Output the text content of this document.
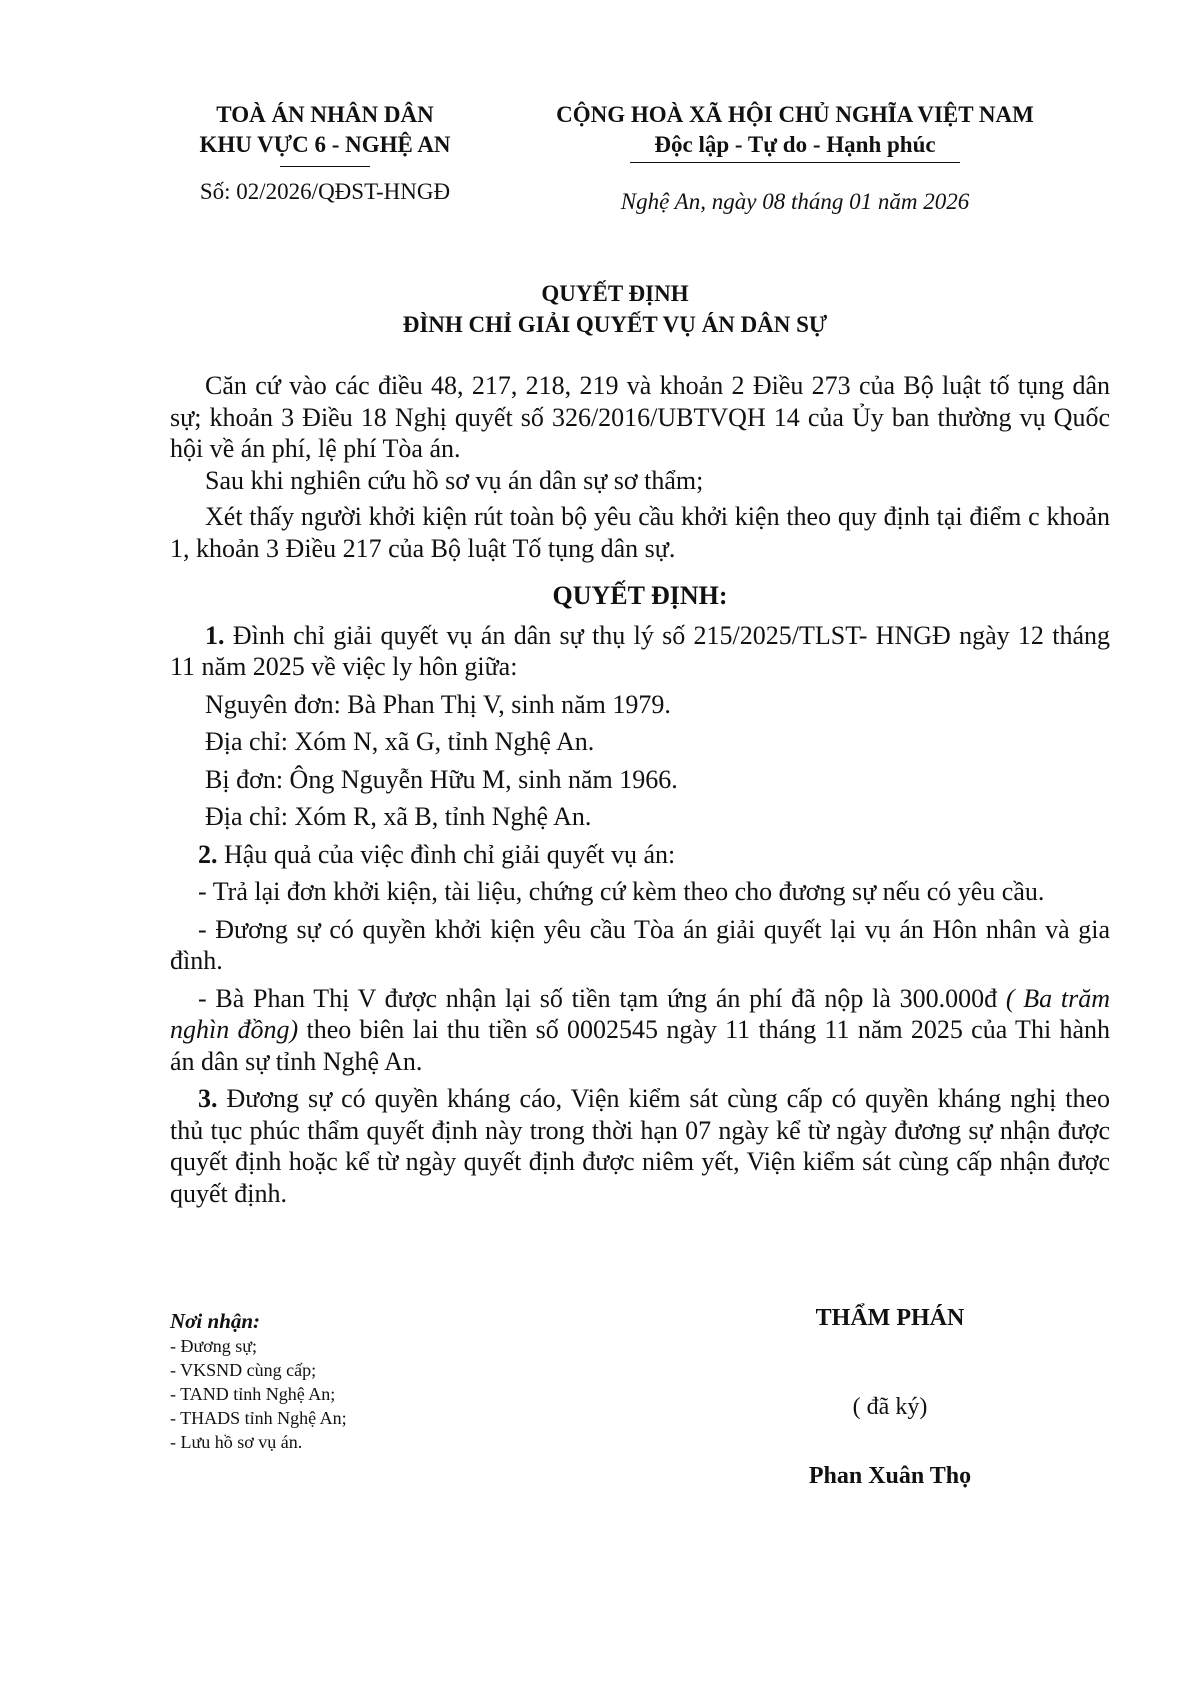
TOÀ ÁN NHÂN DÂN
KHU VỰC 6 - NGHỆ AN
Số: 02/2026/QĐST-HNGĐ
CỘNG HOÀ XÃ HỘI CHỦ NGHĨA VIỆT NAM
Độc lập - Tự do - Hạnh phúc
Nghệ An, ngày 08 tháng 01 năm 2026
QUYẾT ĐỊNH
ĐÌNH CHỈ GIẢI QUYẾT VỤ ÁN DÂN SỰ

Căn cứ vào các điều 48, 217, 218, 219 và khoản 2 Điều 273 của Bộ luật tố tụng dân sự; khoản 3 Điều 18 Nghị quyết số 326/2016/UBTVQH 14 của Ủy ban thường vụ Quốc hội về án phí, lệ phí Tòa án.

Sau khi nghiên cứu hồ sơ vụ án dân sự sơ thẩm;

Xét thấy người khởi kiện rút toàn bộ yêu cầu khởi kiện theo quy định tại điểm c khoản 1, khoản 3 Điều 217 của Bộ luật Tố tụng dân sự.

QUYẾT ĐỊNH:

1. Đình chỉ giải quyết vụ án dân sự thụ lý số 215/2025/TLST- HNGĐ ngày 12 tháng 11 năm 2025 về việc ly hôn giữa:

Nguyên đơn: Bà Phan Thị V, sinh năm 1979.

Địa chỉ: Xóm N, xã G, tỉnh Nghệ An.

Bị đơn: Ông Nguyễn Hữu M, sinh năm 1966.

Địa chỉ: Xóm R, xã B, tỉnh Nghệ An.

2. Hậu quả của việc đình chỉ giải quyết vụ án:

- Trả lại đơn khởi kiện, tài liệu, chứng cứ kèm theo cho đương sự nếu có yêu cầu.

- Đương sự có quyền khởi kiện yêu cầu Tòa án giải quyết lại vụ án Hôn nhân và gia đình.

- Bà Phan Thị V được nhận lại số tiền tạm ứng án phí đã nộp là 300.000đ ( Ba trăm nghìn đồng) theo biên lai thu tiền số 0002545 ngày 11 tháng 11 năm 2025 của Thi hành án dân sự tỉnh Nghệ An.

3. Đương sự có quyền kháng cáo, Viện kiểm sát cùng cấp có quyền kháng nghị theo thủ tục phúc thẩm quyết định này trong thời hạn 07 ngày kể từ ngày đương sự nhận được quyết định hoặc kể từ ngày quyết định được niêm yết, Viện kiểm sát cùng cấp nhận được quyết định.

Nơi nhận:
- Đương sự;
- VKSND cùng cấp;
- TAND tỉnh Nghệ An;
- THADS tỉnh Nghệ An;
- Lưu hồ sơ vụ án.
THẨM PHÁN
( đã ký)
Phan Xuân Thọ
